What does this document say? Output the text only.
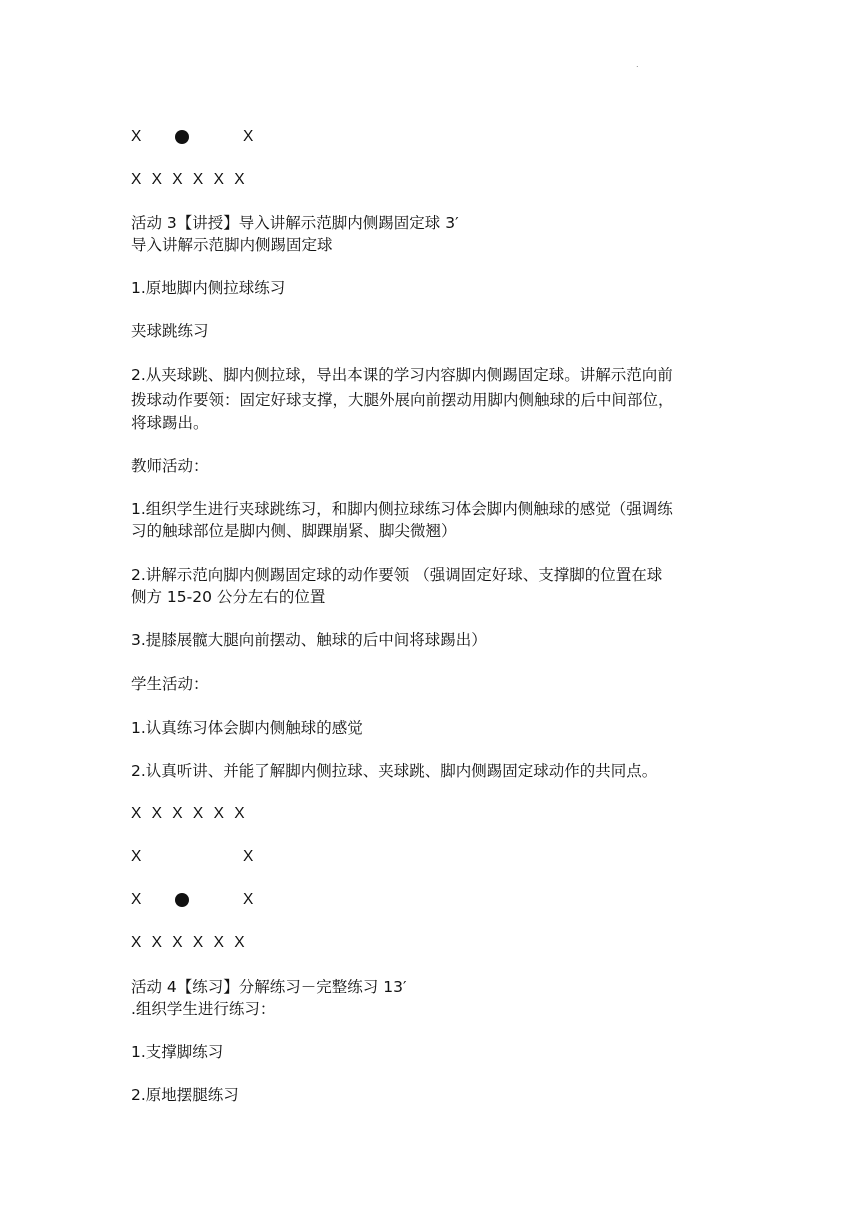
.
X	X
X X X X X X
活动 3【讲授】导入讲解示范脚内侧踢固定球 3′
导入讲解示范脚内侧踢固定球
1.原地脚内侧拉球练习
夹球跳练习
2.从夹球跳、脚内侧拉球，导出本课的学习内容脚内侧踢固定球。讲解示范向前
拨球动作要领：固定好球支撑，大腿外展向前摆动用脚内侧触球的后中间部位，
将球踢出。
教师活动：
1.组织学生进行夹球跳练习，和脚内侧拉球练习体会脚内侧触球的感觉（强调练
习的触球部位是脚内侧、脚踝崩紧、脚尖微翘）
2.讲解示范向脚内侧踢固定球的动作要领 （强调固定好球、支撑脚的位置在球
侧方 15-20 公分左右的位置
3.提膝展髋大腿向前摆动、触球的后中间将球踢出）
学生活动：
1.认真练习体会脚内侧触球的感觉
2.认真听讲、并能了解脚内侧拉球、夹球跳、脚内侧踢固定球动作的共同点。
X X X X X X
X	X
X	X
X X X X X X
活动 4【练习】分解练习－完整练习 13′
.组织学生进行练习：
1.支撑脚练习
2.原地摆腿练习
